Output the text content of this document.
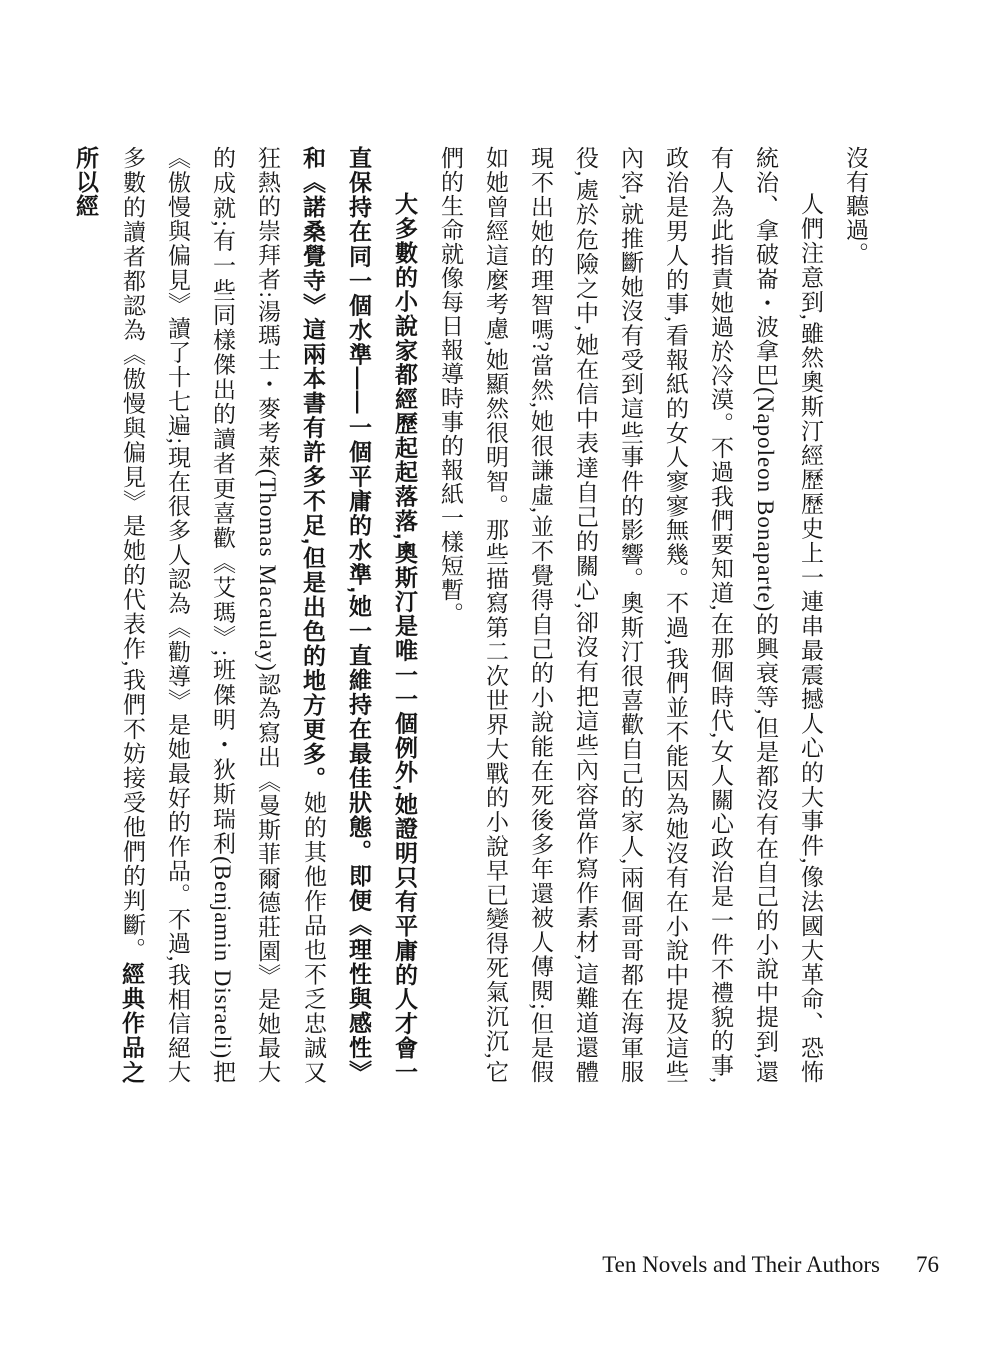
沒有聽過。

人們注意到,雖然奧斯汀經歷歷史上一連串最震撼人心的大事件,像法國大革命、恐怖統治、拿破崙・波拿巴(Napoleon Bonaparte)的興衰等,但是都沒有在自己的小說中提到,還有人為此指責她過於冷漠。不過我們要知道,在那個時代,女人關心政治是一件不禮貌的事,政治是男人的事,看報紙的女人寥寥無幾。不過,我們並不能因為她沒有在小說中提及這些內容,就推斷她沒有受到這些事件的影響。奧斯汀很喜歡自己的家人,兩個哥哥都在海軍服役,處於危險之中,她在信中表達自己的關心,卻沒有把這些內容當作寫作素材,這難道還體現不出她的理智嗎?當然,她很謙虛,並不覺得自己的小說能在死後多年還被人傳閱;但是假如她曾經這麼考慮,她顯然很明智。那些描寫第二次世界大戰的小說早已變得死氣沉沉,它們的生命就像每日報導時事的報紙一樣短暫。

大多數的小說家都經歷起起落落,奧斯汀是唯一一個例外,她證明只有平庸的人才會一直保持在同一個水準——一個平庸的水準,她一直維持在最佳狀態。即便《理性與感性》和《諾桑覺寺》這兩本書有許多不足,但是出色的地方更多。她的其他作品也不乏忠誠又狂熱的崇拜者:湯瑪士・麥考萊(Thomas Macaulay)認為寫出《曼斯菲爾德莊園》是她最大的成就;有一些同樣傑出的讀者更喜歡《艾瑪》;班傑明・狄斯瑞利(Benjamin Disraeli)把《傲慢與偏見》讀了十七遍;現在很多人認為《勸導》是她最好的作品。不過,我相信絕大多數的讀者都認為《傲慢與偏見》是她的代表作,我們不妨接受他們的判斷。經典作品之所以經

Ten Novels and Their Authors 76
